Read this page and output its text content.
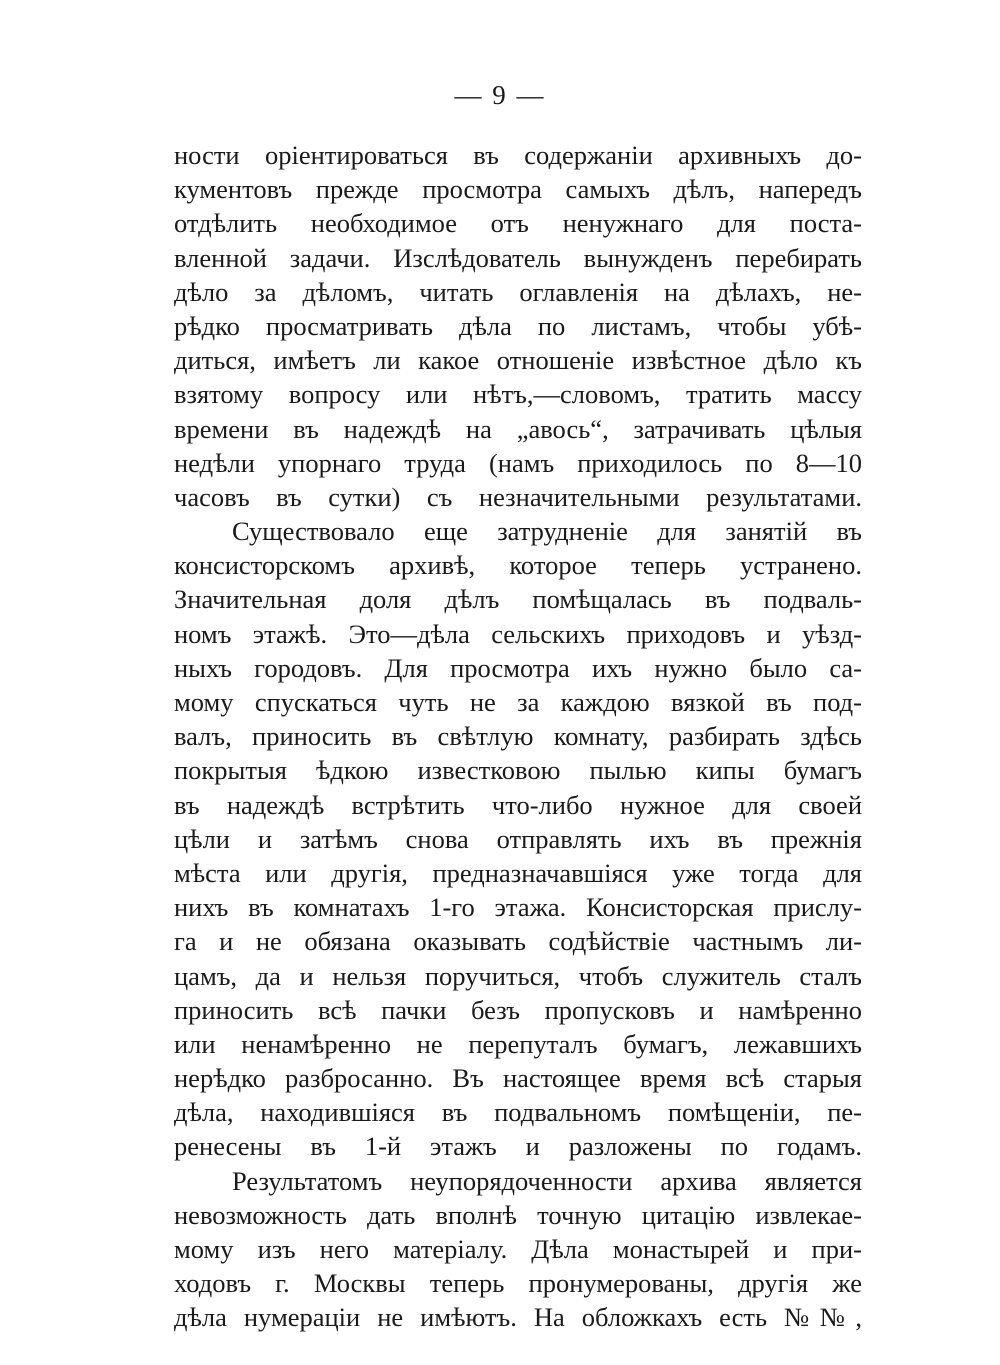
— 9 —
ности оріентироваться въ содержаніи архивныхъ до-
кументовъ прежде просмотра самыхъ дѣлъ, напередъ
отдѣлить необходимое отъ ненужнаго для поста-
вленной задачи. Изслѣдователь вынужденъ перебирать
дѣло за дѣломъ, читать оглавленія на дѣлахъ, не-
рѣдко просматривать дѣла по листамъ, чтобы убѣ-
диться, имѣетъ ли какое отношеніе извѣстное дѣло къ
взятому вопросу или нѣтъ,—словомъ, тратить массу
времени въ надеждѣ на „авось“, затрачивать цѣлыя
недѣли упорнаго труда (намъ приходилось по 8—10
часовъ въ сутки) съ незначительными результатами.
Существовало еще затрудненіе для занятій въ
консисторскомъ архивѣ, которое теперь устранено.
Значительная доля дѣлъ помѣщалась въ подваль-
номъ этажѣ. Это—дѣла сельскихъ приходовъ и уѣзд-
ныхъ городовъ. Для просмотра ихъ нужно было са-
мому спускаться чуть не за каждою вязкой въ под-
валъ, приносить въ свѣтлую комнату, разбирать здѣсь
покрытыя ѣдкою известковою пылью кипы бумагъ
въ надеждѣ встрѣтить что-либо нужное для своей
цѣли и затѣмъ снова отправлять ихъ въ прежнія
мѣста или другія, предназначавшіяся уже тогда для
нихъ въ комнатахъ 1-го этажа. Консисторская прислу-
га и не обязана оказывать содѣйствіе частнымъ ли-
цамъ, да и нельзя поручиться, чтобъ служитель сталъ
приносить всѣ пачки безъ пропусковъ и намѣренно
или ненамѣренно не перепуталъ бумагъ, лежавшихъ
нерѣдко разбросанно. Въ настоящее время всѣ старыя
дѣла, находившіяся въ подвальномъ помѣщеніи, пе-
ренесены въ 1-й этажъ и разложены по годамъ.
Результатомъ неупорядоченности архива является
невозможность дать вполнѣ точную цитацію извлекае-
мому изъ него матеріалу. Дѣла монастырей и при-
ходовъ г. Москвы теперь пронумерованы, другія же
дѣла нумераціи не имѣютъ. На обложкахъ есть №№,
